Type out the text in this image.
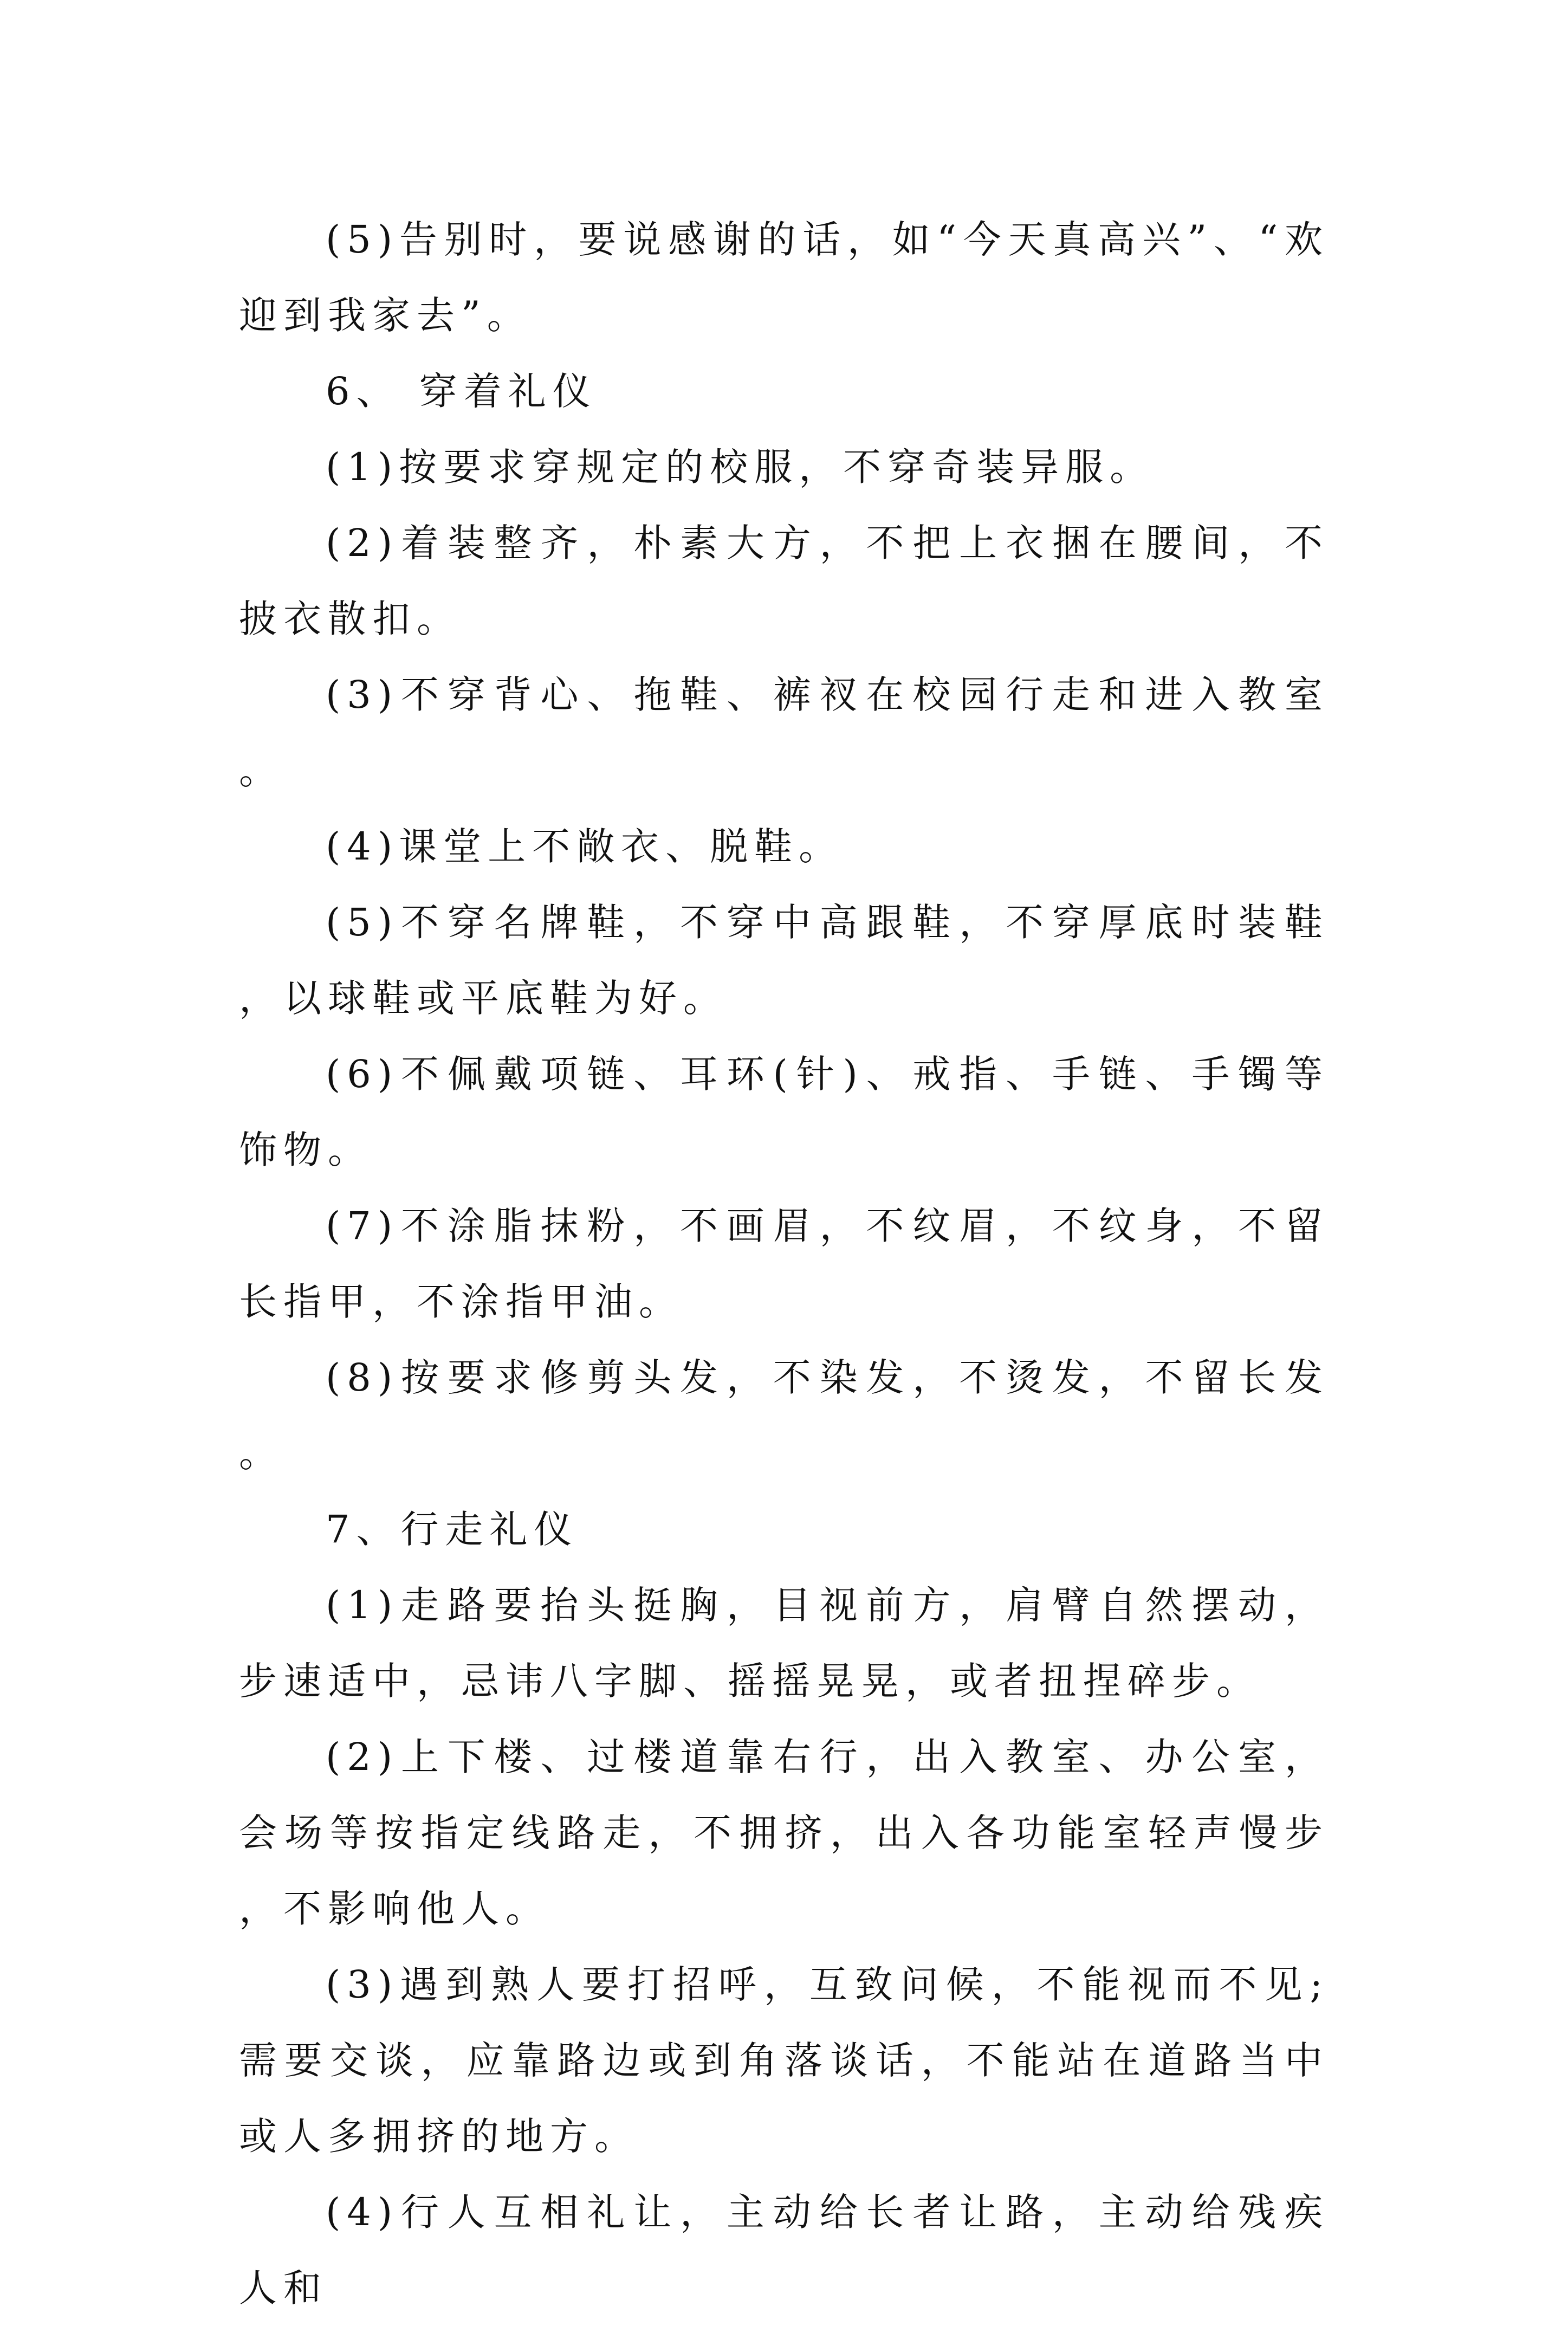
(5)告别时，要说感谢的话，如“今天真高兴”、“欢迎到我家去”。

6、 穿着礼仪

(1)按要求穿规定的校服，不穿奇装异服。

(2)着装整齐，朴素大方，不把上衣捆在腰间，不披衣散扣。

(3)不穿背心、拖鞋、裤衩在校园行走和进入教室。

(4)课堂上不敞衣、脱鞋。

(5)不穿名牌鞋，不穿中高跟鞋，不穿厚底时装鞋，以球鞋或平底鞋为好。

(6)不佩戴项链、耳环(针)、戒指、手链、手镯等饰物。

(7)不涂脂抹粉，不画眉，不纹眉，不纹身，不留长指甲，不涂指甲油。

(8)按要求修剪头发，不染发，不烫发，不留长发。

7、行走礼仪

(1)走路要抬头挺胸，目视前方，肩臂自然摆动，步速适中，忌讳八字脚、摇摇晃晃，或者扭捏碎步。

(2)上下楼、过楼道靠右行，出入教室、办公室，会场等按指定线路走，不拥挤，出入各功能室轻声慢步，不影响他人。

(3)遇到熟人要打招呼，互致问候，不能视而不见;需要交谈，应靠路边或到角落谈话，不能站在道路当中或人多拥挤的地方。

(4)行人互相礼让，主动给长者让路，主动给残疾人和
